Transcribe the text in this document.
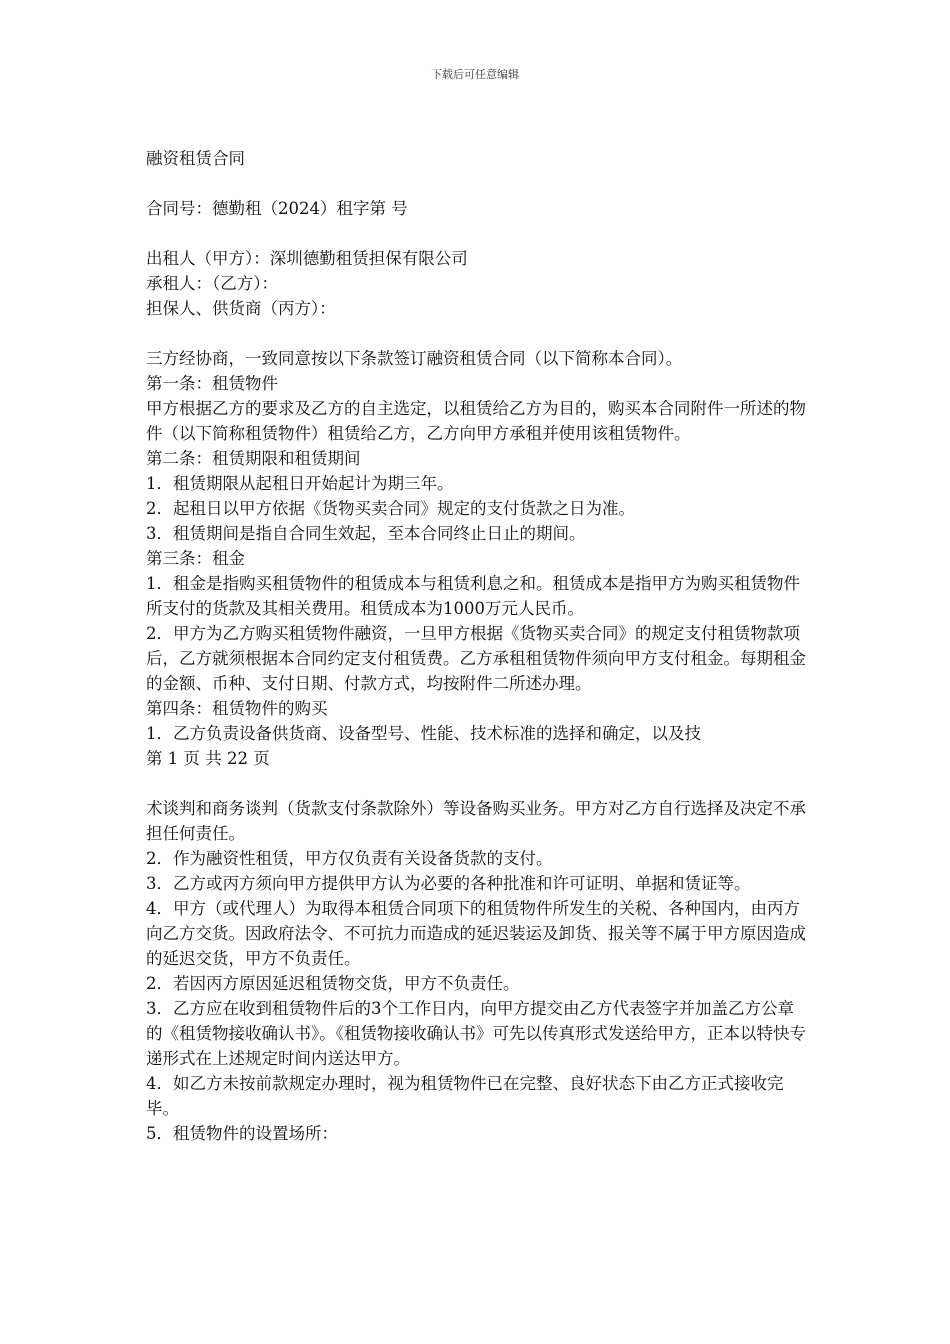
下载后可任意编辑

融资租赁合同

合同号：德勤租（2024）租字第 号

出租人（甲方）：深圳德勤租赁担保有限公司

承租人：（乙方）：

担保人、供货商（丙方）：

三方经协商，一致同意按以下条款签订融资租赁合同（以下简称本合同）。

第一条：租赁物件

甲方根据乙方的要求及乙方的自主选定，以租赁给乙方为目的，购买本合同附件一所述的物件（以下简称租赁物件）租赁给乙方，乙方向甲方承租并使用该租赁物件。

第二条：租赁期限和租赁期间

1．租赁期限从起租日开始起计为期三年。

2．起租日以甲方依据《货物买卖合同》规定的支付货款之日为准。

3．租赁期间是指自合同生效起，至本合同终止日止的期间。

第三条：租金

1．租金是指购买租赁物件的租赁成本与租赁利息之和。租赁成本是指甲方为购买租赁物件所支付的货款及其相关费用。租赁成本为1000万元人民币。

2．甲方为乙方购买租赁物件融资，一旦甲方根据《货物买卖合同》的规定支付租赁物款项后，乙方就须根据本合同约定支付租赁费。乙方承租租赁物件须向甲方支付租金。每期租金的金额、币种、支付日期、付款方式，均按附件二所述办理。

第四条：租赁物件的购买

1．乙方负责设备供货商、设备型号、性能、技术标准的选择和确定，以及技

第 1 页 共 22 页

术谈判和商务谈判（货款支付条款除外）等设备购买业务。甲方对乙方自行选择及决定不承担任何责任。

2．作为融资性租赁，甲方仅负责有关设备货款的支付。

3．乙方或丙方须向甲方提供甲方认为必要的各种批准和许可证明、单据和赁证等。

4．甲方（或代理人）为取得本租赁合同项下的租赁物件所发生的关税、各种国内，由丙方向乙方交货。因政府法令、不可抗力而造成的延迟装运及卸货、报关等不属于甲方原因造成的延迟交货，甲方不负责任。

2．若因丙方原因延迟租赁物交货，甲方不负责任。

3．乙方应在收到租赁物件后的3个工作日内，向甲方提交由乙方代表签字并加盖乙方公章的《租赁物接收确认书》。《租赁物接收确认书》可先以传真形式发送给甲方，正本以特快专递形式在上述规定时间内送达甲方。

4．如乙方未按前款规定办理时，视为租赁物件已在完整、良好状态下由乙方正式接收完毕。

5．租赁物件的设置场所：
